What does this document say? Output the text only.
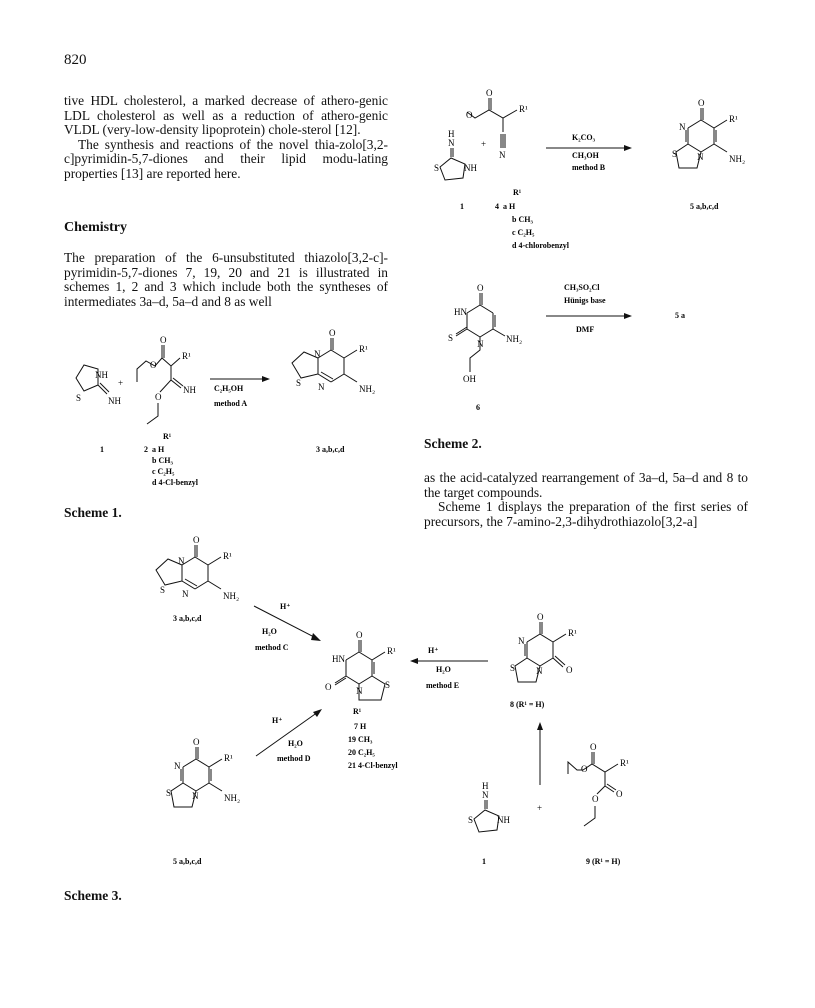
820

tive HDL cholesterol, a marked decrease of athero-genic LDL cholesterol as well as a reduction of athero-genic VLDL (very-low-density lipoprotein) chole-sterol [12].

The synthesis and reactions of the novel thia-zolo[3,2-c]pyrimidin-5,7-diones and their lipid modu-lating properties [13] are reported here.

Chemistry

The preparation of the 6-unsubstituted thiazolo[3,2-c]-pyrimidin-5,7-diones 7, 19, 20 and 21 is illustrated in schemes 1, 2 and 3 which include both the syntheses of intermediates 3a–d, 5a–d and 8 as well

as the acid-catalyzed rearrangement of 3a–d, 5a–d and 8 to the target compounds.

Scheme 1 displays the preparation of the first series of precursors, the 7-amino-2,3-dihydrothiazolo[3,2-a]

Scheme 1.
Scheme 2.
Scheme 3.
NH
S	NH
+
O
O
R¹
NH
O
C₂H₅OH
method A
O
N
S N
R¹
NH₂
1	2	3 a,b,c,d
R¹
a H
b CH₃
c C₂H₅
d 4-Cl-benzyl
H
N
S	NH
+
O
O
R¹
N
K₂CO₃
CH₃OH
method B
O
N
S N
R¹
NH₂
1	4	5 a,b,c,d
R¹
a H
b CH₃
c C₂H₅
d 4-chlorobenzyl
O
HN
S
N	NH₂
OH
CH₃SO₂Cl
Hünigs base
DMF
5 a
6
O
N
S N
R¹
NH₂
3 a,b,c,d
H⁺
H₂O
method C
O
HN
O	N
S
R¹
R¹
7 H
19 CH₃
20 C₂H₅
21 4-Cl-benzyl
H⁺
H₂O
method D
O
N
S N
R¹
NH₂
5 a,b,c,d
H⁺
H₂O
method E
O
N
S N	O
R¹
8 (R¹ = H)
H
N
S	NH
+
O
O
R¹
O
O
1	9 (R¹ = H)
